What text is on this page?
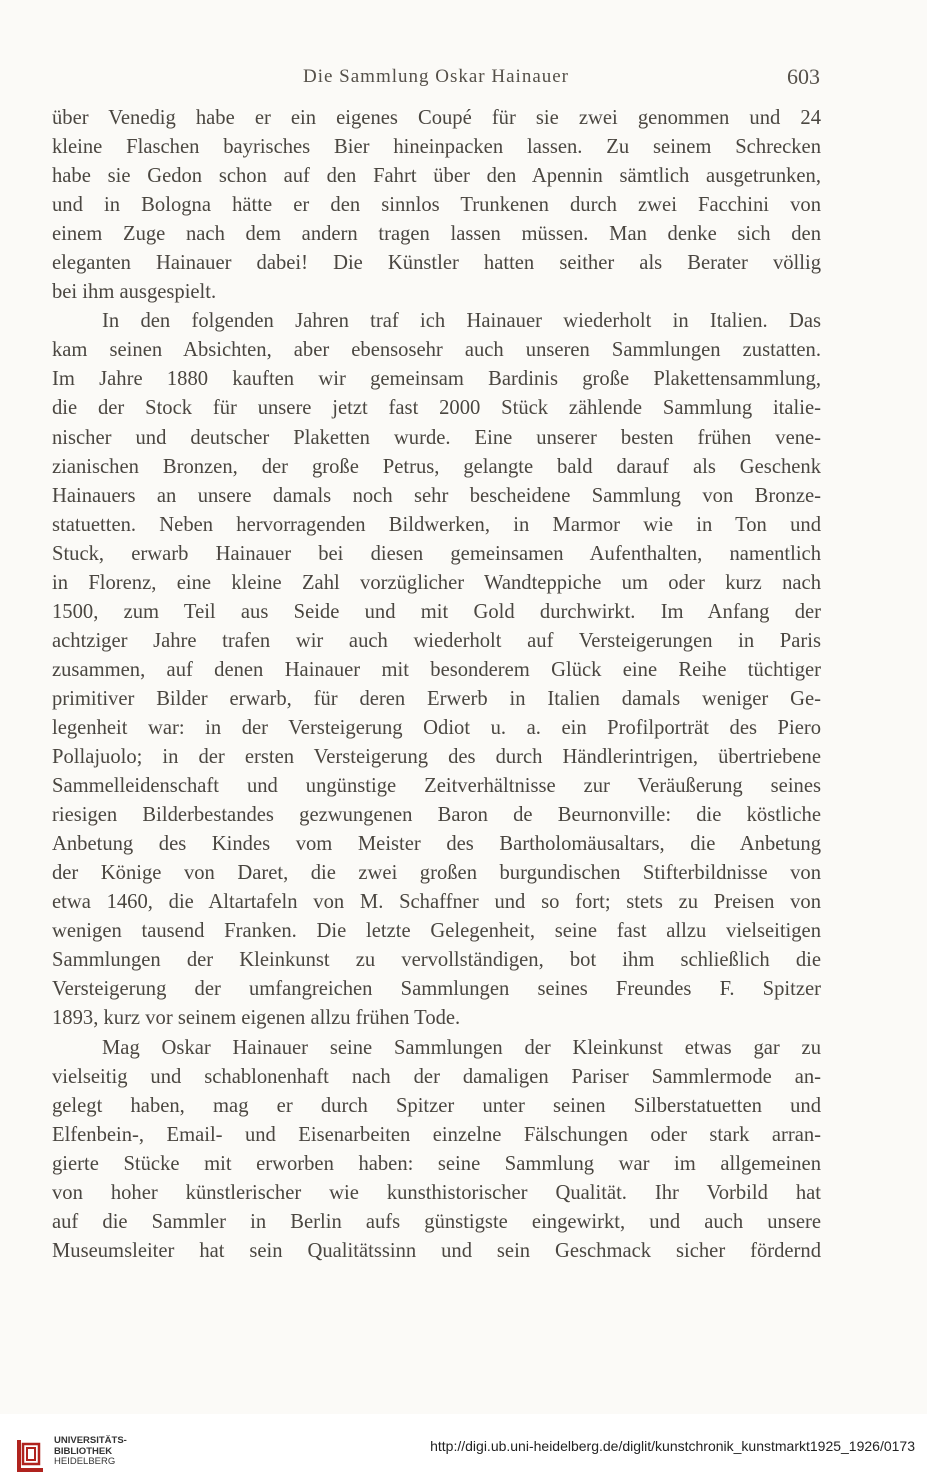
Die Sammlung Oskar Hainauer	603
über Venedig habe er ein eigenes Coupé für sie zwei genommen und 24
kleine Flaschen bayrisches Bier hineinpacken lassen. Zu seinem Schrecken
habe sie Gedon schon auf den Fahrt über den Apennin sämtlich ausgetrunken,
und in Bologna hätte er den sinnlos Trunkenen durch zwei Facchini von
einem Zuge nach dem andern tragen lassen müssen. Man denke sich den
eleganten Hainauer dabei! Die Künstler hatten seither als Berater völlig
bei ihm ausgespielt.
In den folgenden Jahren traf ich Hainauer wiederholt in Italien. Das
kam seinen Absichten, aber ebensosehr auch unseren Sammlungen zustatten.
Im Jahre 1880 kauften wir gemeinsam Bardinis große Plakettensammlung,
die der Stock für unsere jetzt fast 2000 Stück zählende Sammlung italie-
nischer und deutscher Plaketten wurde. Eine unserer besten frühen vene-
zianischen Bronzen, der große Petrus, gelangte bald darauf als Geschenk
Hainauers an unsere damals noch sehr bescheidene Sammlung von Bronze-
statuetten. Neben hervorragenden Bildwerken, in Marmor wie in Ton und
Stuck, erwarb Hainauer bei diesen gemeinsamen Aufenthalten, namentlich
in Florenz, eine kleine Zahl vorzüglicher Wandteppiche um oder kurz nach
1500, zum Teil aus Seide und mit Gold durchwirkt. Im Anfang der
achtziger Jahre trafen wir auch wiederholt auf Versteigerungen in Paris
zusammen, auf denen Hainauer mit besonderem Glück eine Reihe tüchtiger
primitiver Bilder erwarb, für deren Erwerb in Italien damals weniger Ge-
legenheit war: in der Versteigerung Odiot u. a. ein Profilporträt des Piero
Pollajuolo; in der ersten Versteigerung des durch Händlerintrigen, übertriebene
Sammelleidenschaft und ungünstige Zeitverhältnisse zur Veräußerung seines
riesigen Bilderbestandes gezwungenen Baron de Beurnonville: die köstliche
Anbetung des Kindes vom Meister des Bartholomäusaltars, die Anbetung
der Könige von Daret, die zwei großen burgundischen Stifterbildnisse von
etwa 1460, die Altartafeln von M. Schaffner und so fort; stets zu Preisen von
wenigen tausend Franken. Die letzte Gelegenheit, seine fast allzu vielseitigen
Sammlungen der Kleinkunst zu vervollständigen, bot ihm schließlich die
Versteigerung der umfangreichen Sammlungen seines Freundes F. Spitzer
1893, kurz vor seinem eigenen allzu frühen Tode.
Mag Oskar Hainauer seine Sammlungen der Kleinkunst etwas gar zu
vielseitig und schablonenhaft nach der damaligen Pariser Sammlermode an-
gelegt haben, mag er durch Spitzer unter seinen Silberstatuetten und
Elfenbein-, Email- und Eisenarbeiten einzelne Fälschungen oder stark arran-
gierte Stücke mit erworben haben: seine Sammlung war im allgemeinen
von hoher künstlerischer wie kunsthistorischer Qualität. Ihr Vorbild hat
auf die Sammler in Berlin aufs günstigste eingewirkt, und auch unsere
Museumsleiter hat sein Qualitätssinn und sein Geschmack sicher fördernd
UNIVERSITÄTS-
BIBLIOTHEK
HEIDELBERG
http://digi.ub.uni-heidelberg.de/diglit/kunstchronik_kunstmarkt1925_1926/0173
